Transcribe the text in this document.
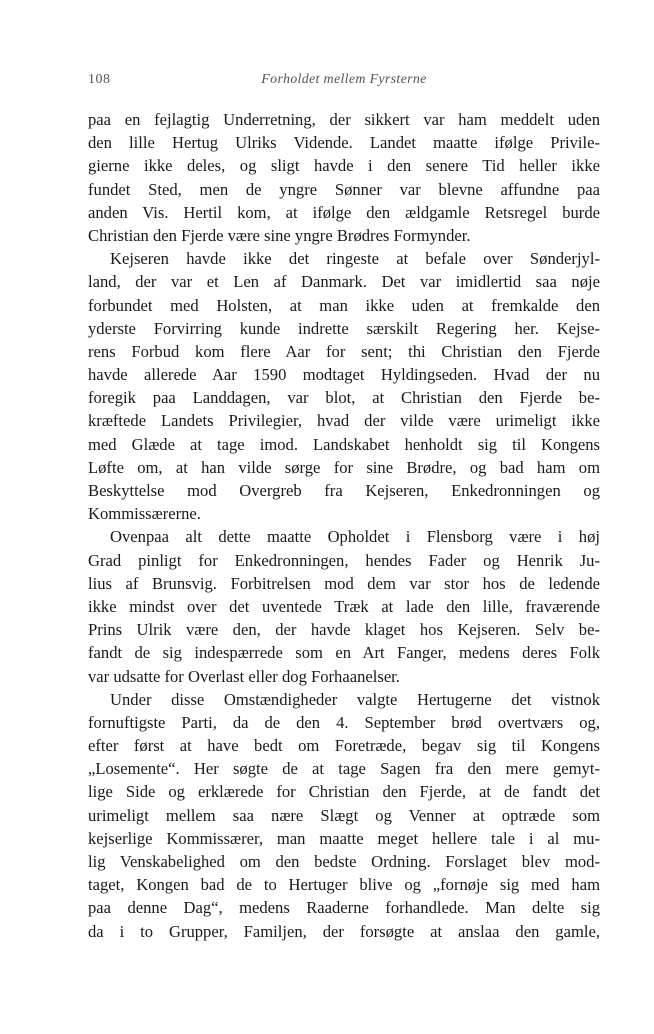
108	Forholdet mellem Fyrsterne
paa en fejlagtig Underretning, der sikkert var ham meddelt uden
den lille Hertug Ulriks Vidende. Landet maatte ifølge Privile-
gierne ikke deles, og sligt havde i den senere Tid heller ikke
fundet Sted, men de yngre Sønner var blevne affundne paa
anden Vis. Hertil kom, at ifølge den ældgamle Retsregel burde
Christian den Fjerde være sine yngre Brødres Formynder.
Kejseren havde ikke det ringeste at befale over Sønderjyl-
land, der var et Len af Danmark. Det var imidlertid saa nøje
forbundet med Holsten, at man ikke uden at fremkalde den
yderste Forvirring kunde indrette særskilt Regering her. Kejse-
rens Forbud kom flere Aar for sent; thi Christian den Fjerde
havde allerede Aar 1590 modtaget Hyldingseden. Hvad der nu
foregik paa Landdagen, var blot, at Christian den Fjerde be-
kræftede Landets Privilegier, hvad der vilde være urimeligt ikke
med Glæde at tage imod. Landskabet henholdt sig til Kongens
Løfte om, at han vilde sørge for sine Brødre, og bad ham om
Beskyttelse mod Overgreb fra Kejseren, Enkedronningen og
Kommissærerne.
Ovenpaa alt dette maatte Opholdet i Flensborg være i høj
Grad pinligt for Enkedronningen, hendes Fader og Henrik Ju-
lius af Brunsvig. Forbitrelsen mod dem var stor hos de ledende
ikke mindst over det uventede Træk at lade den lille, fraværende
Prins Ulrik være den, der havde klaget hos Kejseren. Selv be-
fandt de sig indespærrede som en Art Fanger, medens deres Folk
var udsatte for Overlast eller dog Forhaanelser.
Under disse Omstændigheder valgte Hertugerne det vistnok
fornuftigste Parti, da de den 4. September brød overtværs og,
efter først at have bedt om Foretræde, begav sig til Kongens
„Losemente“. Her søgte de at tage Sagen fra den mere gemyt-
lige Side og erklærede for Christian den Fjerde, at de fandt det
urimeligt mellem saa nære Slægt og Venner at optræde som
kejserlige Kommissærer, man maatte meget hellere tale i al mu-
lig Venskabelighed om den bedste Ordning. Forslaget blev mod-
taget, Kongen bad de to Hertuger blive og „fornøje sig med ham
paa denne Dag“, medens Raaderne forhandlede. Man delte sig
da i to Grupper, Familjen, der forsøgte at anslaa den gamle,
